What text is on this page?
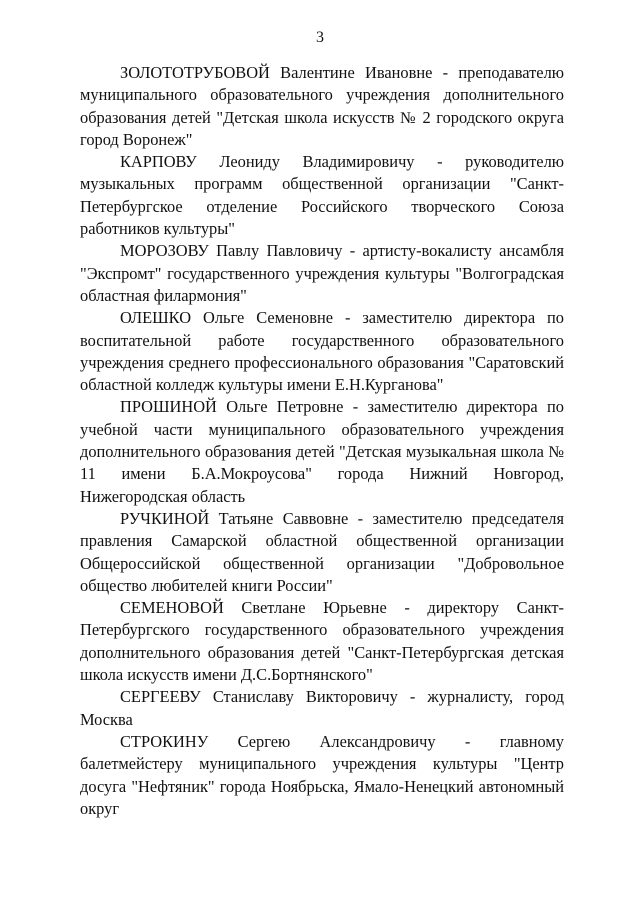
3

ЗОЛОТОТРУБОВОЙ Валентине Ивановне - преподавателю муниципального образовательного учреждения дополнительного образования детей "Детская школа искусств № 2 городского округа город Воронеж"

КАРПОВУ Леониду Владимировичу - руководителю музыкальных программ общественной организации "Санкт-Петербургское отделение Российского творческого Союза работников культуры"

МОРОЗОВУ Павлу Павловичу - артисту-вокалисту ансамбля "Экспромт" государственного учреждения культуры "Волгоградская областная филармония"

ОЛЕШКО Ольге Семеновне - заместителю директора по воспитательной работе государственного образовательного учреждения среднего профессионального образования "Саратовский областной колледж культуры имени Е.Н.Курганова"

ПРОШИНОЙ Ольге Петровне - заместителю директора по учебной части муниципального образовательного учреждения дополнительного образования детей "Детская музыкальная школа № 11 имени Б.А.Мокроусова" города Нижний Новгород, Нижегородская область

РУЧКИНОЙ Татьяне Саввовне - заместителю председателя правления Самарской областной общественной организации Общероссийской общественной организации "Добровольное общество любителей книги России"

СЕМЕНОВОЙ Светлане Юрьевне - директору Санкт-Петербургского государственного образовательного учреждения дополнительного образования детей "Санкт-Петербургская детская школа искусств имени Д.С.Бортнянского"

СЕРГЕЕВУ Станиславу Викторовичу - журналисту, город Москва

СТРОКИНУ Сергею Александровичу - главному балетмейстеру муниципального учреждения культуры "Центр досуга "Нефтяник" города Ноябрьска, Ямало-Ненецкий автономный округ
